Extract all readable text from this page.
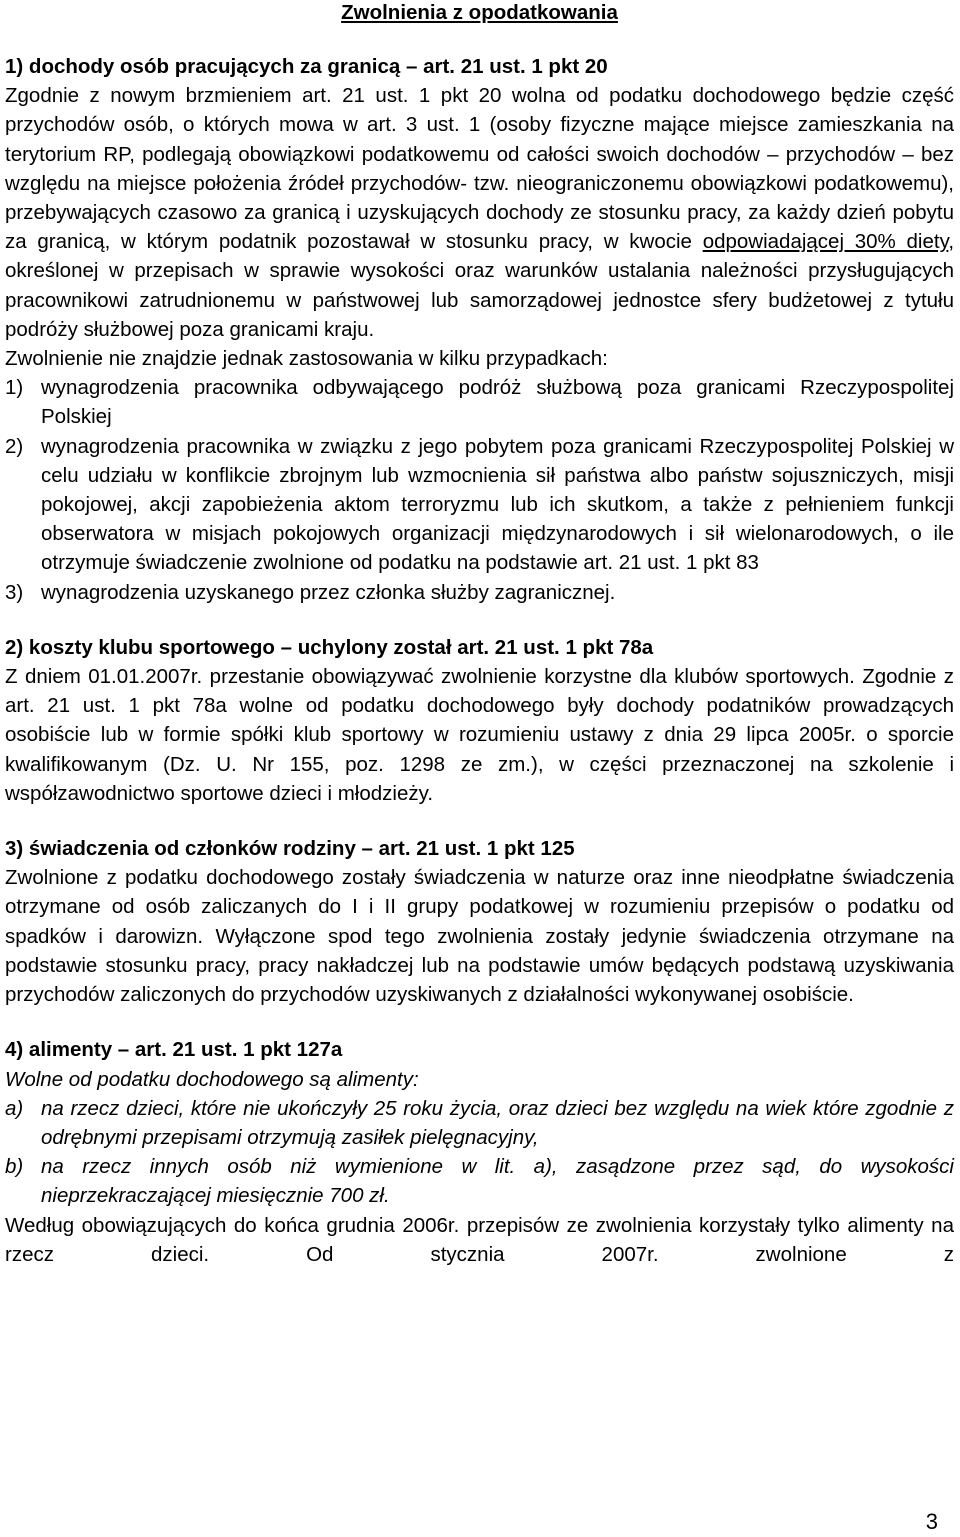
Zwolnienia z opodatkowania
1) dochody osób pracujących za granicą – art. 21 ust. 1 pkt 20

Zgodnie z nowym brzmieniem art. 21 ust. 1 pkt 20 wolna od podatku dochodowego będzie część przychodów osób, o których mowa w art. 3 ust. 1 (osoby fizyczne mające miejsce zamieszkania na terytorium RP, podlegają obowiązkowi podatkowemu od całości swoich dochodów – przychodów – bez względu na miejsce położenia źródeł przychodów- tzw. nieograniczonemu obowiązkowi podatkowemu), przebywających czasowo za granicą i uzyskujących dochody ze stosunku pracy, za każdy dzień pobytu za granicą, w którym podatnik pozostawał w stosunku pracy, w kwocie odpowiadającej 30% diety, określonej w przepisach w sprawie wysokości oraz warunków ustalania należności przysługujących pracownikowi zatrudnionemu w państwowej lub samorządowej jednostce sfery budżetowej z tytułu podróży służbowej poza granicami kraju.

Zwolnienie nie znajdzie jednak zastosowania w kilku przypadkach:

1) wynagrodzenia pracownika odbywającego podróż służbową poza granicami Rzeczypospolitej Polskiej
2) wynagrodzenia pracownika w związku z jego pobytem poza granicami Rzeczypospolitej Polskiej w celu udziału w konflikcie zbrojnym lub wzmocnienia sił państwa albo państw sojuszniczych, misji pokojowej, akcji zapobieżenia aktom terroryzmu lub ich skutkom, a także z pełnieniem funkcji obserwatora w misjach pokojowych organizacji międzynarodowych i sił wielonarodowych, o ile otrzymuje świadczenie zwolnione od podatku na podstawie art. 21 ust. 1 pkt 83
3) wynagrodzenia uzyskanego przez członka służby zagranicznej.
2) koszty klubu sportowego – uchylony został art. 21 ust. 1 pkt 78a

Z dniem 01.01.2007r. przestanie obowiązywać zwolnienie korzystne dla klubów sportowych. Zgodnie z art. 21 ust. 1 pkt 78a wolne od podatku dochodowego były dochody podatników prowadzących osobiście lub w formie spółki klub sportowy w rozumieniu ustawy z dnia 29 lipca 2005r. o sporcie kwalifikowanym (Dz. U. Nr 155, poz. 1298 ze zm.), w części przeznaczonej na szkolenie i współzawodnictwo sportowe dzieci i młodzieży.

3) świadczenia od członków rodziny – art. 21 ust. 1 pkt 125

Zwolnione z podatku dochodowego zostały świadczenia w naturze oraz inne nieodpłatne świadczenia otrzymane od osób zaliczanych do I i II grupy podatkowej w rozumieniu przepisów o podatku od spadków i darowizn. Wyłączone spod tego zwolnienia zostały jedynie świadczenia otrzymane na podstawie stosunku pracy, pracy nakładczej lub na podstawie umów będących podstawą uzyskiwania przychodów zaliczonych do przychodów uzyskiwanych z działalności wykonywanej osobiście.

4) alimenty – art. 21 ust. 1 pkt 127a

Wolne od podatku dochodowego są alimenty:

a) na rzecz dzieci, które nie ukończyły 25 roku życia, oraz dzieci bez względu na wiek które zgodnie z odrębnymi przepisami otrzymują zasiłek pielęgnacyjny,
b) na rzecz innych osób niż wymienione w lit. a), zasądzone przez sąd, do wysokości nieprzekraczającej miesięcznie 700 zł.

Według obowiązujących do końca grudnia 2006r. przepisów ze zwolnienia korzystały tylko alimenty na rzecz dzieci. Od stycznia 2007r. zwolnione z

3
